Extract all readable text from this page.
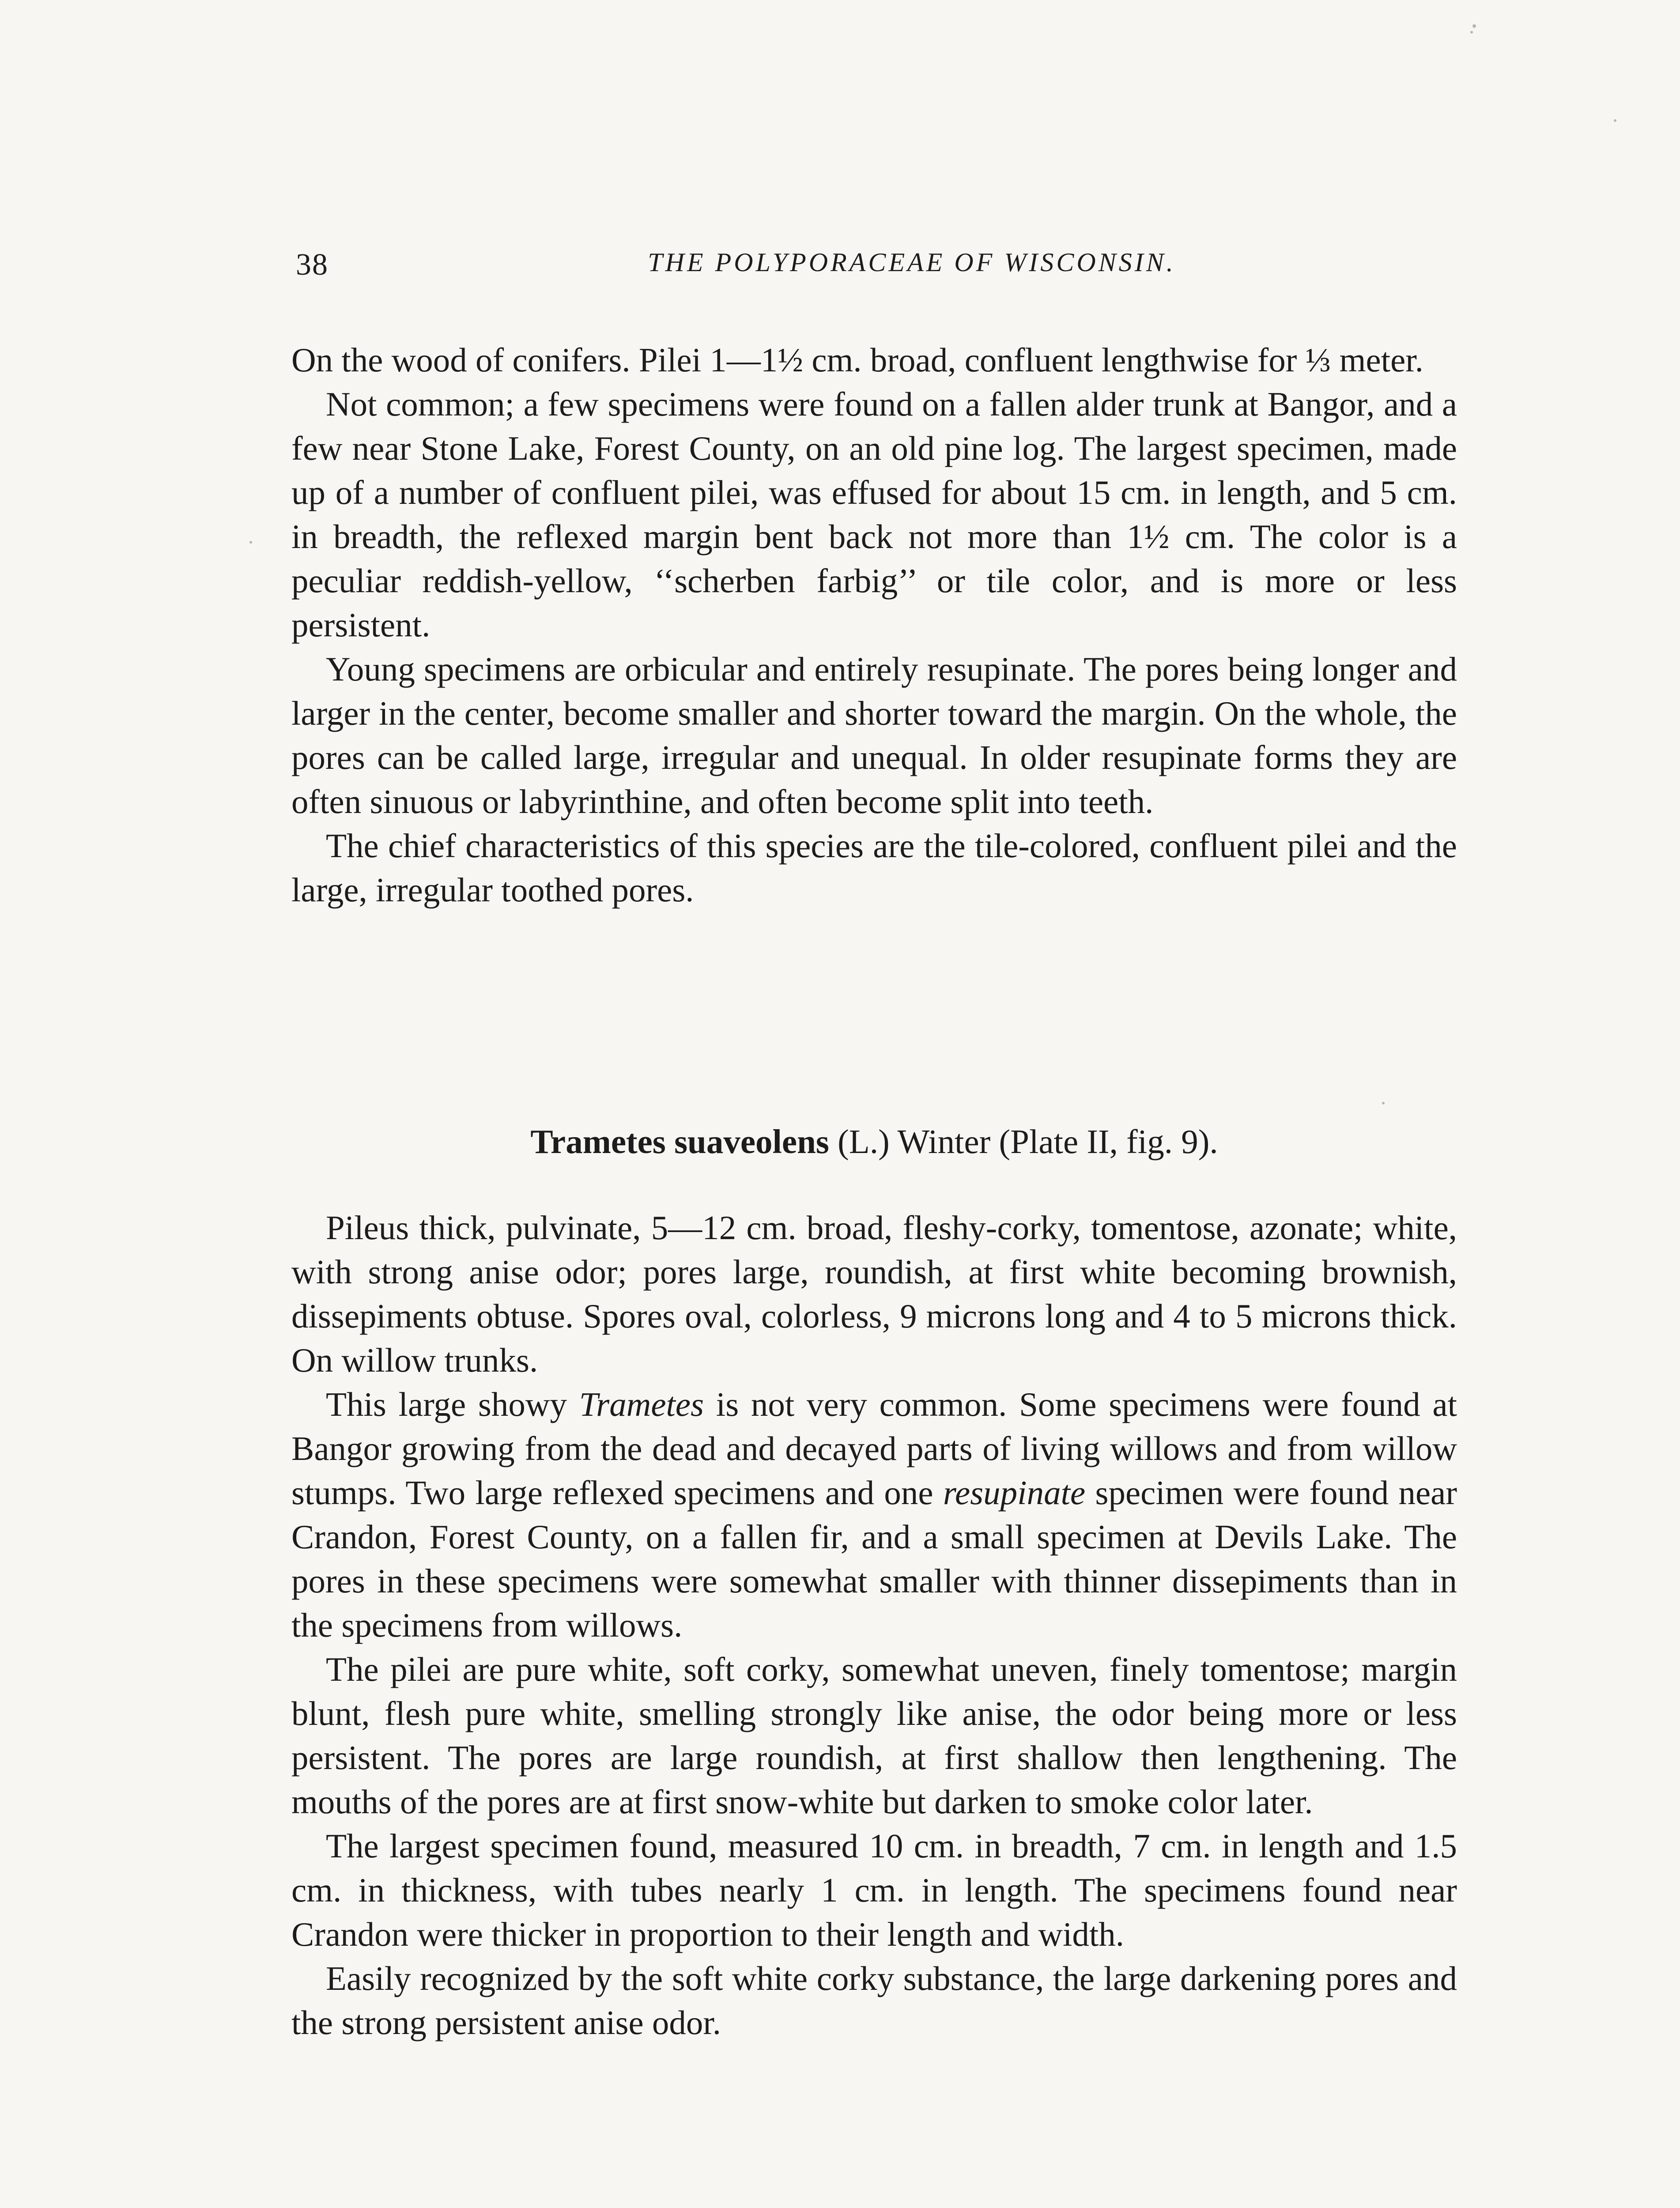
38	THE POLYPORACEAE OF WISCONSIN.

On the wood of conifers. Pilei 1—1½ cm. broad, confluent lengthwise for ⅓ meter.

Not common; a few specimens were found on a fallen alder trunk at Bangor, and a few near Stone Lake, Forest County, on an old pine log. The largest specimen, made up of a number of confluent pilei, was effused for about 15 cm. in length, and 5 cm. in breadth, the reflexed margin bent back not more than 1½ cm. The color is a peculiar reddish-yellow, ‘‘scherben farbig’’ or tile color, and is more or less persistent.

Young specimens are orbicular and entirely resupinate. The pores being longer and larger in the center, become smaller and shorter toward the margin. On the whole, the pores can be called large, irregular and unequal. In older resupinate forms they are often sinuous or labyrinthine, and often become split into teeth.

The chief characteristics of this species are the tile-colored, confluent pilei and the large, irregular toothed pores.

Trametes suaveolens (L.) Winter (Plate II, fig. 9).

Pileus thick, pulvinate, 5—12 cm. broad, fleshy-corky, tomentose, azonate; white, with strong anise odor; pores large, roundish, at first white becoming brownish, dissepiments obtuse. Spores oval, colorless, 9 microns long and 4 to 5 microns thick. On willow trunks.

This large showy Trametes is not very common. Some specimens were found at Bangor growing from the dead and decayed parts of living willows and from willow stumps. Two large reflexed specimens and one resupinate specimen were found near Crandon, Forest County, on a fallen fir, and a small specimen at Devils Lake. The pores in these specimens were somewhat smaller with thinner dissepiments than in the specimens from willows.

The pilei are pure white, soft corky, somewhat uneven, finely tomentose; margin blunt, flesh pure white, smelling strongly like anise, the odor being more or less persistent. The pores are large roundish, at first shallow then lengthening. The mouths of the pores are at first snow-white but darken to smoke color later.

The largest specimen found, measured 10 cm. in breadth, 7 cm. in length and 1.5 cm. in thickness, with tubes nearly 1 cm. in length. The specimens found near Crandon were thicker in proportion to their length and width.

Easily recognized by the soft white corky substance, the large darkening pores and the strong persistent anise odor.
